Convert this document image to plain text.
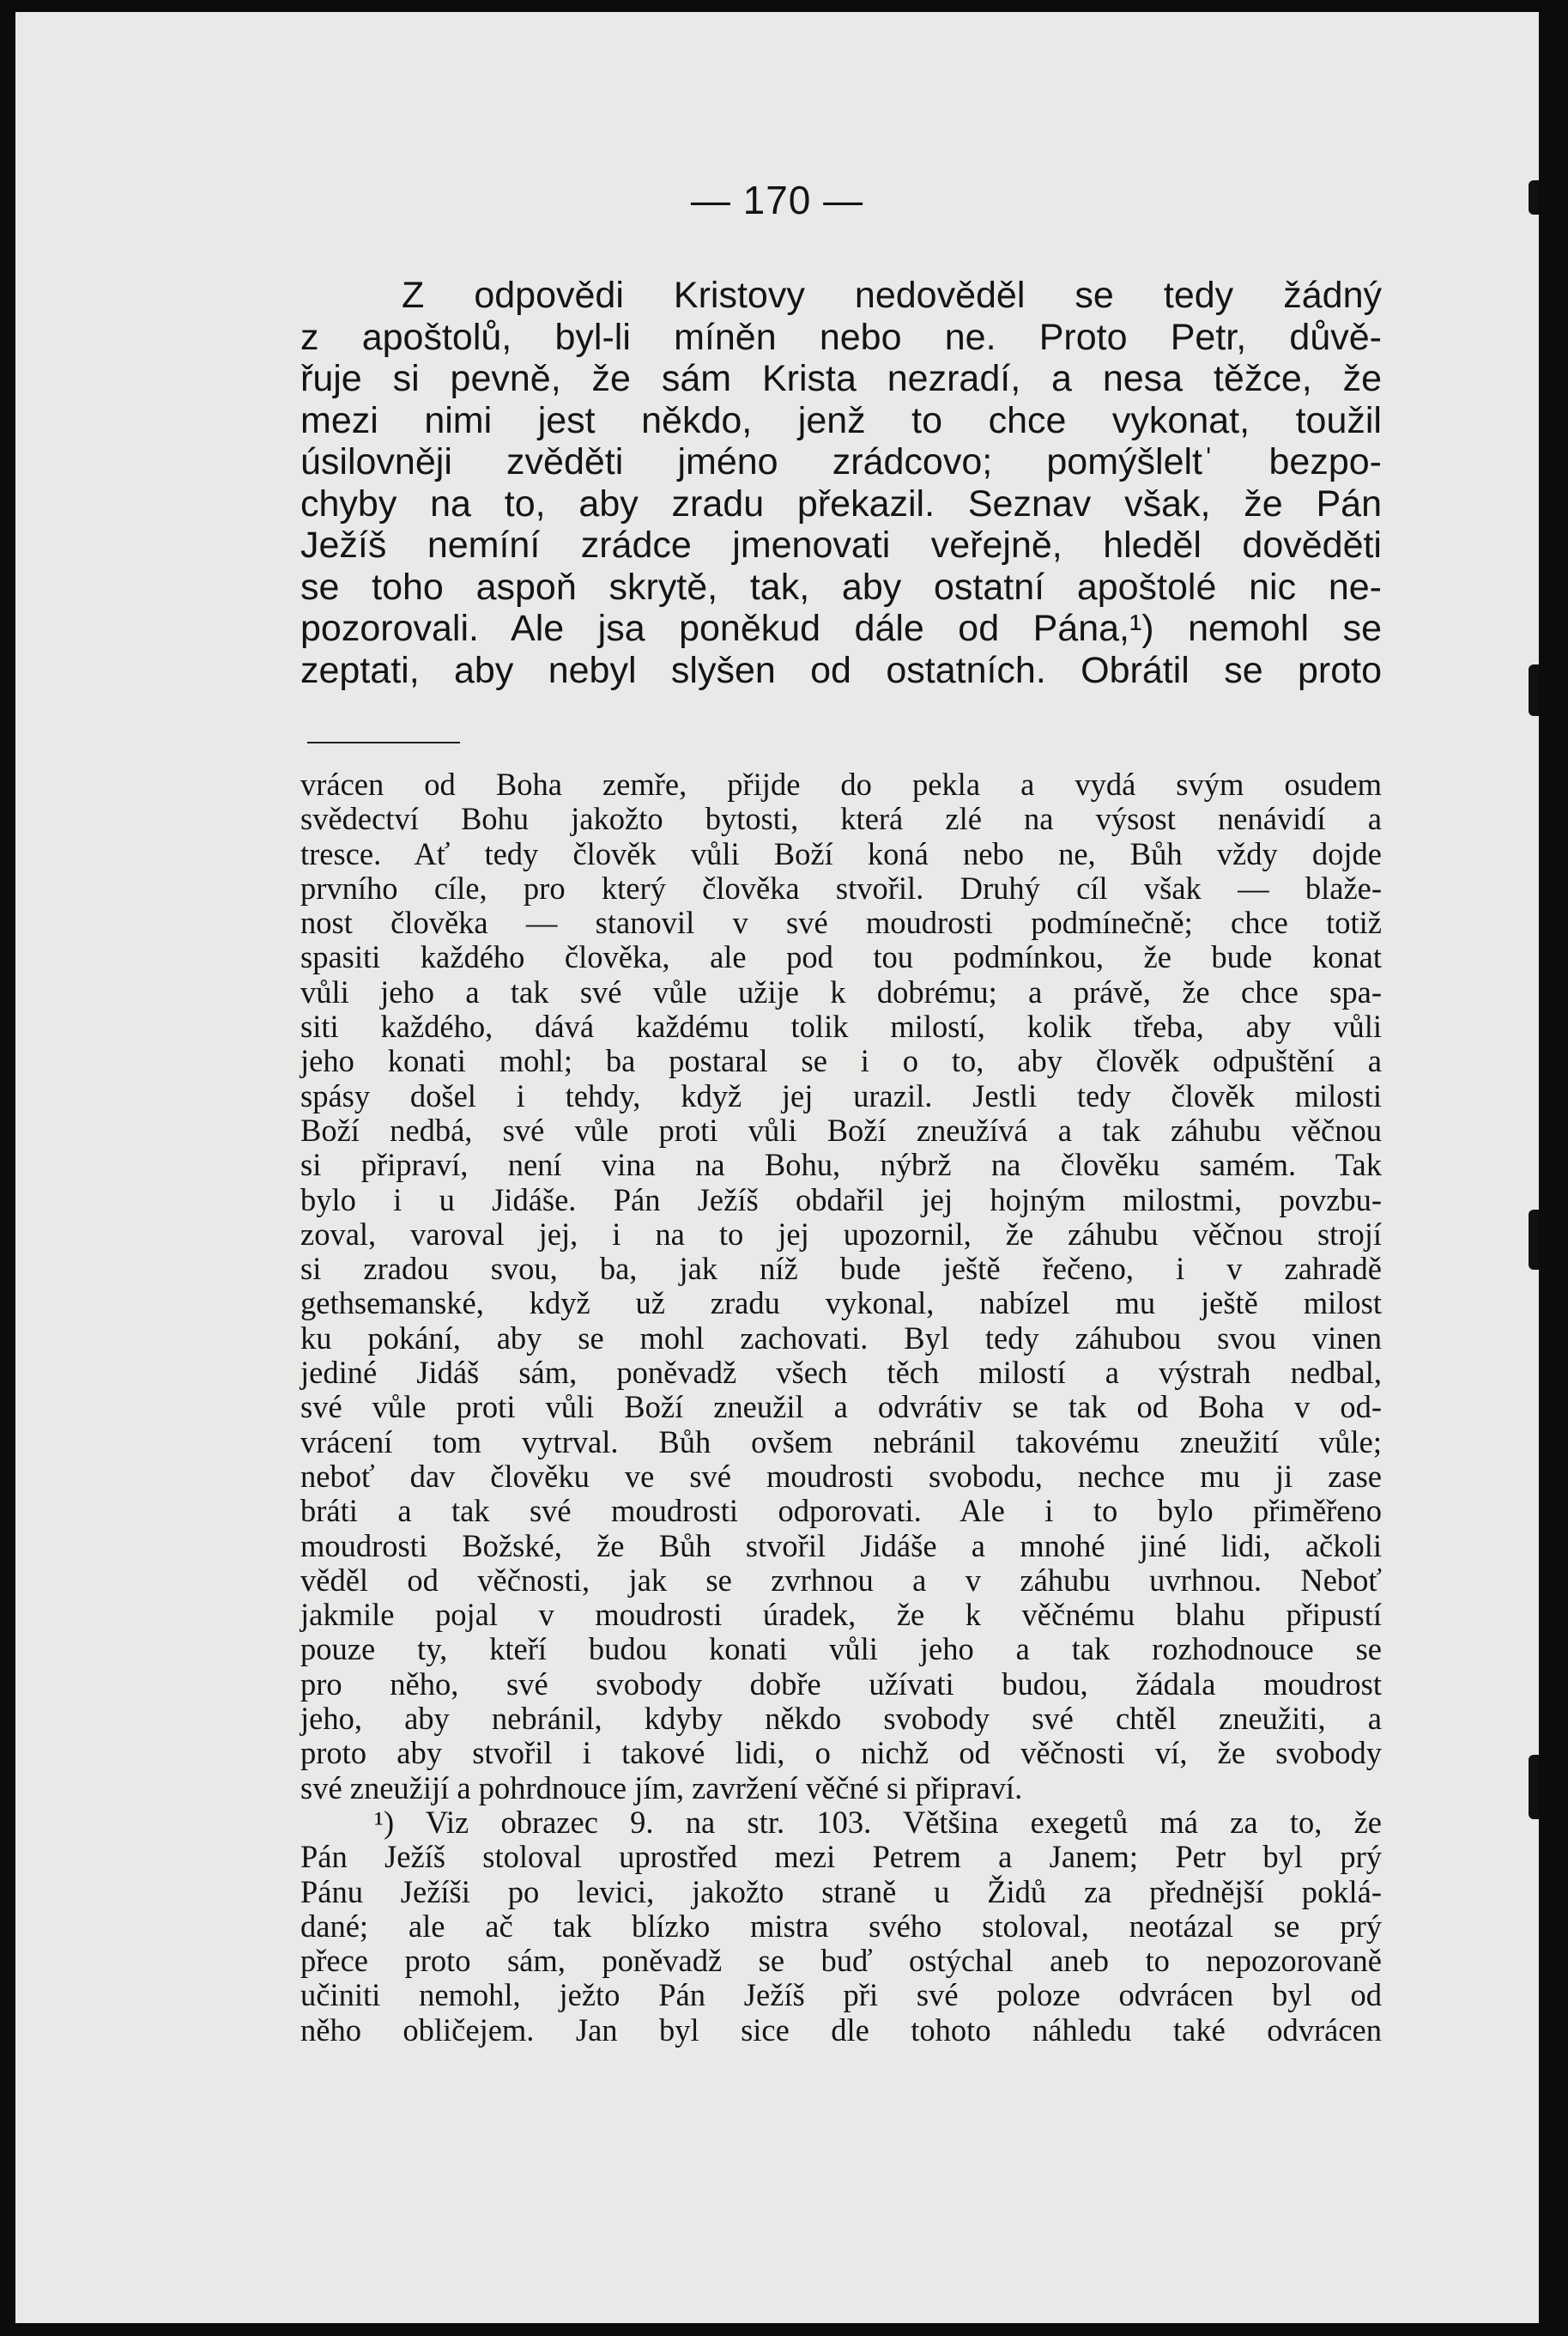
— 170 —
Z odpovědi Kristovy nedověděl se tedy žádný
z apoštolů, byl-li míněn nebo ne. Proto Petr, důvě-
řuje si pevně, že sám Krista nezradí, a nesa těžce, že
mezi nimi jest někdo, jenž to chce vykonat, toužil
úsilovněji zvěděti jméno zrádcovo; pomýšleltˈ bezpo-
chyby na to, aby zradu překazil. Seznav však, že Pán
Ježíš nemíní zrádce jmenovati veřejně, hleděl dověděti
se toho aspoň skrytě, tak, aby ostatní apoštolé nic ne-
pozorovali. Ale jsa poněkud dále od Pána,¹) nemohl se
zeptati, aby nebyl slyšen od ostatních. Obrátil se proto
vrácen od Boha zemře, přijde do pekla a vydá svým osudem
svědectví Bohu jakožto bytosti, která zlé na výsost nenávidí a
tresce. Ať tedy člověk vůli Boží koná nebo ne, Bůh vždy dojde
prvního cíle, pro který člověka stvořil. Druhý cíl však — blaže-
nost člověka — stanovil v své moudrosti podmínečně; chce totiž
spasiti každého člověka, ale pod tou podmínkou, že bude konat
vůli jeho a tak své vůle užije k dobrému; a právě, že chce spa-
siti každého, dává každému tolik milostí, kolik třeba, aby vůli
jeho konati mohl; ba postaral se i o to, aby člověk odpuštění a
spásy došel i tehdy, když jej urazil. Jestli tedy člověk milosti
Boží nedbá, své vůle proti vůli Boží zneužívá a tak záhubu věčnou
si připraví, není vina na Bohu, nýbrž na člověku samém. Tak
bylo i u Jidáše. Pán Ježíš obdařil jej hojným milostmi, povzbu-
zoval, varoval jej, i na to jej upozornil, že záhubu věčnou strojí
si zradou svou, ba, jak níž bude ještě řečeno, i v zahradě
gethsemanské, když už zradu vykonal, nabízel mu ještě milost
ku pokání, aby se mohl zachovati. Byl tedy záhubou svou vinen
jediné Jidáš sám, poněvadž všech těch milostí a výstrah nedbal,
své vůle proti vůli Boží zneužil a odvrátiv se tak od Boha v od-
vrácení tom vytrval. Bůh ovšem nebránil takovému zneužití vůle;
neboť dav člověku ve své moudrosti svobodu, nechce mu ji zase
bráti a tak své moudrosti odporovati. Ale i to bylo přiměřeno
moudrosti Božské, že Bůh stvořil Jidáše a mnohé jiné lidi, ačkoli
věděl od věčnosti, jak se zvrhnou a v záhubu uvrhnou. Neboť
jakmile pojal v moudrosti úradek, že k věčnému blahu připustí
pouze ty, kteří budou konati vůli jeho a tak rozhodnouce se
pro něho, své svobody dobře užívati budou, žádala moudrost
jeho, aby nebránil, kdyby někdo svobody své chtěl zneužiti, a
proto aby stvořil i takové lidi, o nichž od věčnosti ví, že svobody
své zneužijí a pohrdnouce jím, zavržení věčné si připraví.
¹) Viz obrazec 9. na str. 103. Většina exegetů má za to, že
Pán Ježíš stoloval uprostřed mezi Petrem a Janem; Petr byl prý
Pánu Ježíši po levici, jakožto straně u Židů za přednější poklá-
dané; ale ač tak blízko mistra svého stoloval, neotázal se prý
přece proto sám, poněvadž se buď ostýchal aneb to nepozorovaně
učiniti nemohl, ježto Pán Ježíš při své poloze odvrácen byl od
něho obličejem. Jan byl sice dle tohoto náhledu také odvrácen
